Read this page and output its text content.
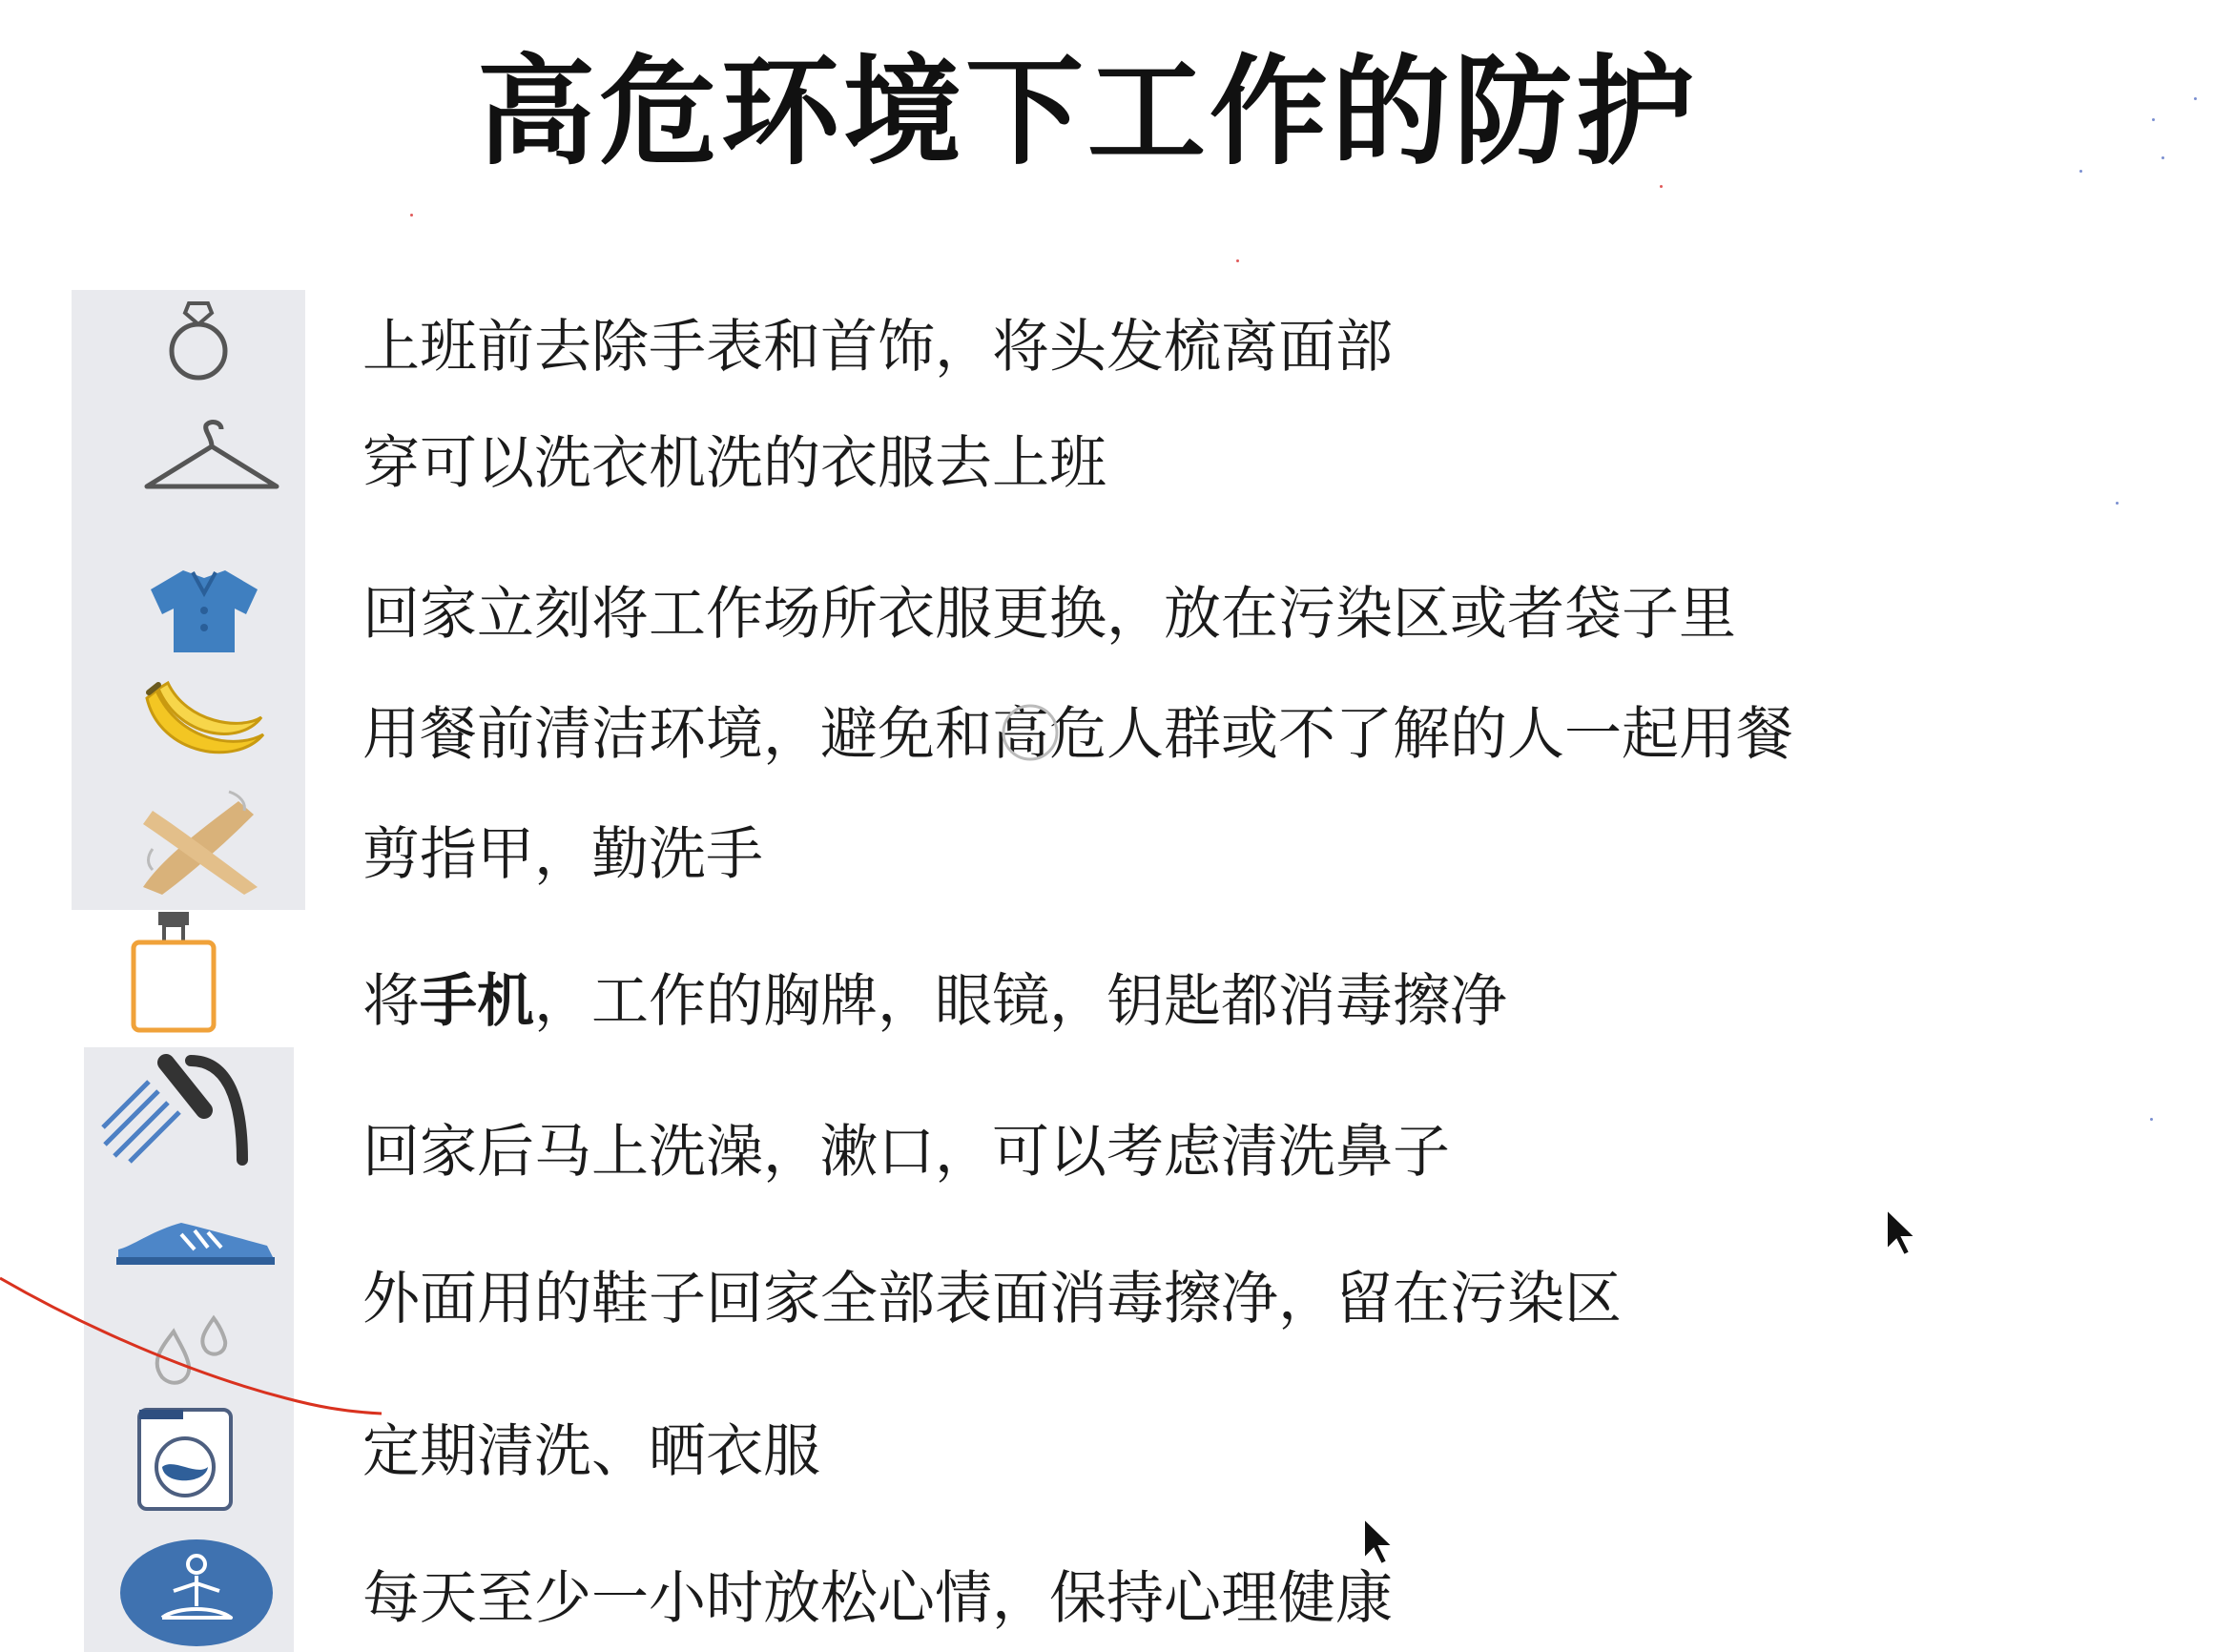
高危环境下工作的防护
上班前去除手表和首饰，将头发梳离面部
穿可以洗衣机洗的衣服去上班
回家立刻将工作场所衣服更换，放在污染区或者袋子里
用餐前清洁环境，避免和高危人群或不了解的人一起用餐
剪指甲，勤洗手
将手机，工作的胸牌，眼镜，钥匙都消毒擦净
回家后马上洗澡，漱口，可以考虑清洗鼻子
外面用的鞋子回家全部表面消毒擦净，留在污染区
定期清洗、晒衣服
每天至少一小时放松心情，保持心理健康
